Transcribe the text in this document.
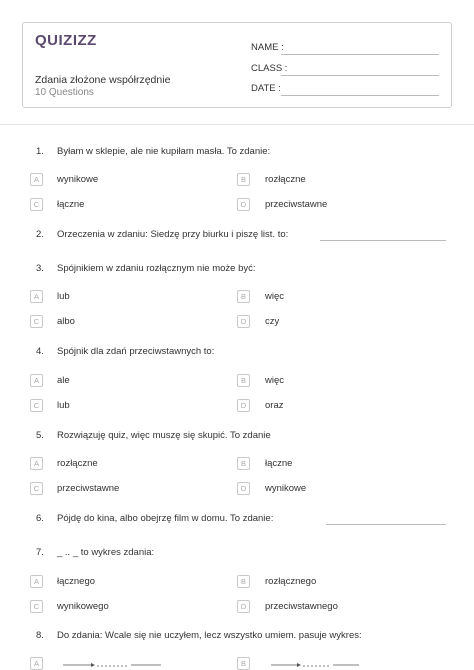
QUIZIZZ
Zdania złożone współrzędnie
10 Questions
NAME :
CLASS :
DATE :
1. Byłam w sklepie, ale nie kupiłam masła. To zdanie:
A	wynikowe	B	rozłączne
C	łączne	D	przeciwstawne
2. Orzeczenia w zdaniu: Siedzę przy biurku i piszę list. to:
3. Spójnikiem w zdaniu rozłącznym nie może być:
A	lub	B	więc
C	albo	D	czy
4. Spójnik dla zdań przeciwstawnych to:
A	ale	B	więc
C	lub	D	oraz
5. Rozwiązuję quiz, więc muszę się skupić. To zdanie
A	rozłączne	B	łączne
C	przeciwstawne	D	wynikowe
6. Pójdę do kina, albo obejrzę film w domu. To zdanie:
7. _ .. _ to wykres zdania:
A	łącznego	B	rozłącznego
C	wynikowego	D	przeciwstawnego
8. Do zdania: Wcale się nie uczyłem, lecz wszystko umiem. pasuje wykres:
A	B
